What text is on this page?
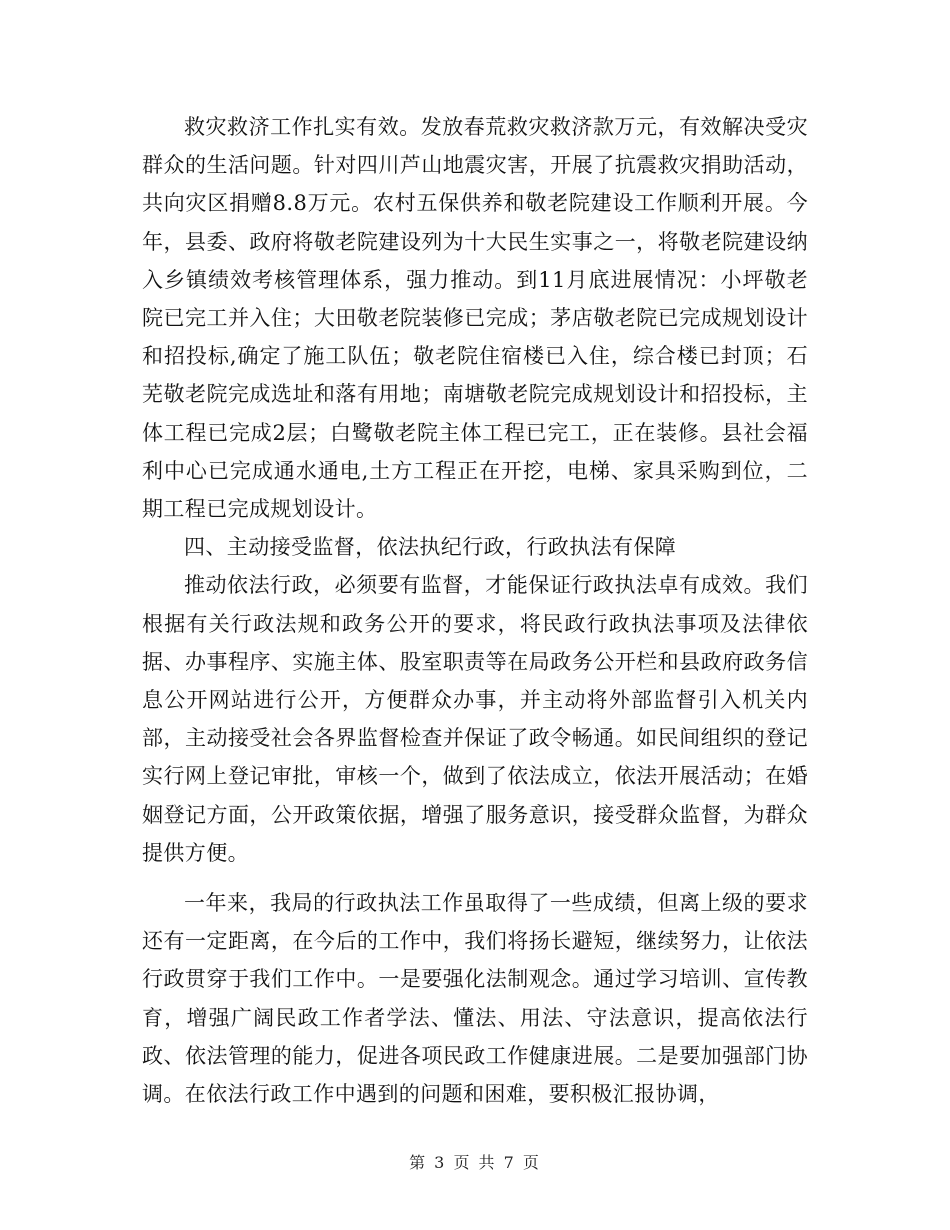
救灾救济工作扎实有效。发放春荒救灾救济款万元，有效解决受灾群众的生活问题。针对四川芦山地震灾害，开展了抗震救灾捐助活动，共向灾区捐赠8.8万元。农村五保供养和敬老院建设工作顺利开展。今年，县委、政府将敬老院建设列为十大民生实事之一，将敬老院建设纳入乡镇绩效考核管理体系，强力推动。到11月底进展情况：小坪敬老院已完工并入住；大田敬老院装修已完成；茅店敬老院已完成规划设计和招投标,确定了施工队伍；敬老院住宿楼已入住，综合楼已封顶；石芜敬老院完成选址和落有用地；南塘敬老院完成规划设计和招投标，主体工程已完成2层；白鹭敬老院主体工程已完工，正在装修。县社会福利中心已完成通水通电,土方工程正在开挖，电梯、家具采购到位，二期工程已完成规划设计。

四、主动接受监督，依法执纪行政，行政执法有保障

推动依法行政，必须要有监督，才能保证行政执法卓有成效。我们根据有关行政法规和政务公开的要求，将民政行政执法事项及法律依据、办事程序、实施主体、股室职责等在局政务公开栏和县政府政务信息公开网站进行公开，方便群众办事，并主动将外部监督引入机关内部，主动接受社会各界监督检查并保证了政令畅通。如民间组织的登记实行网上登记审批，审核一个，做到了依法成立，依法开展活动；在婚姻登记方面，公开政策依据，增强了服务意识，接受群众监督，为群众提供方便。

一年来，我局的行政执法工作虽取得了一些成绩，但离上级的要求还有一定距离，在今后的工作中，我们将扬长避短，继续努力，让依法行政贯穿于我们工作中。一是要强化法制观念。通过学习培训、宣传教育，增强广阔民政工作者学法、懂法、用法、守法意识，提高依法行政、依法管理的能力，促进各项民政工作健康进展。二是要加强部门协调。在依法行政工作中遇到的问题和困难，要积极汇报协调，

第 3 页 共 7 页
